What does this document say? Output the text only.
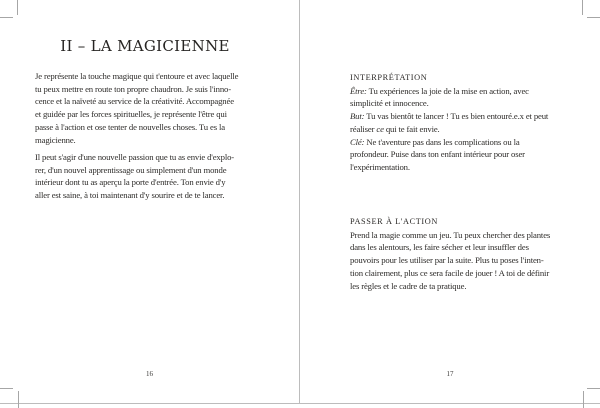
II – LA MAGICIENNE
Je représente la touche magique qui t'entoure et avec laquelle
tu peux mettre en route ton propre chaudron. Je suis l'inno-
cence et la naïveté au service de la créativité. Accompagnée
et guidée par les forces spirituelles, je représente l'être qui
passe à l'action et ose tenter de nouvelles choses. Tu es la
magicienne.
Il peut s'agir d'une nouvelle passion que tu as envie d'explo-
rer, d'un nouvel apprentissage ou simplement d'un monde
intérieur dont tu as aperçu la porte d'entrée. Ton envie d'y
aller est saine, à toi maintenant d'y sourire et de te lancer.
INTERPRÉTATION
Être: Tu expériences la joie de la mise en action, avec
simplicité et innocence.
But: Tu vas bientôt te lancer ! Tu es bien entouré.e.x et peut
réaliser ce qui te fait envie.
Clé: Ne t'aventure pas dans les complications ou la
profondeur. Puise dans ton enfant intérieur pour oser
l'expérimentation.
PASSER À L'ACTION
Prend la magie comme un jeu. Tu peux chercher des plantes
dans les alentours, les faire sécher et leur insuffler des
pouvoirs pour les utiliser par la suite. Plus tu poses l'inten-
tion clairement, plus ce sera facile de jouer ! A toi de définir
les règles et le cadre de ta pratique.
16	17
